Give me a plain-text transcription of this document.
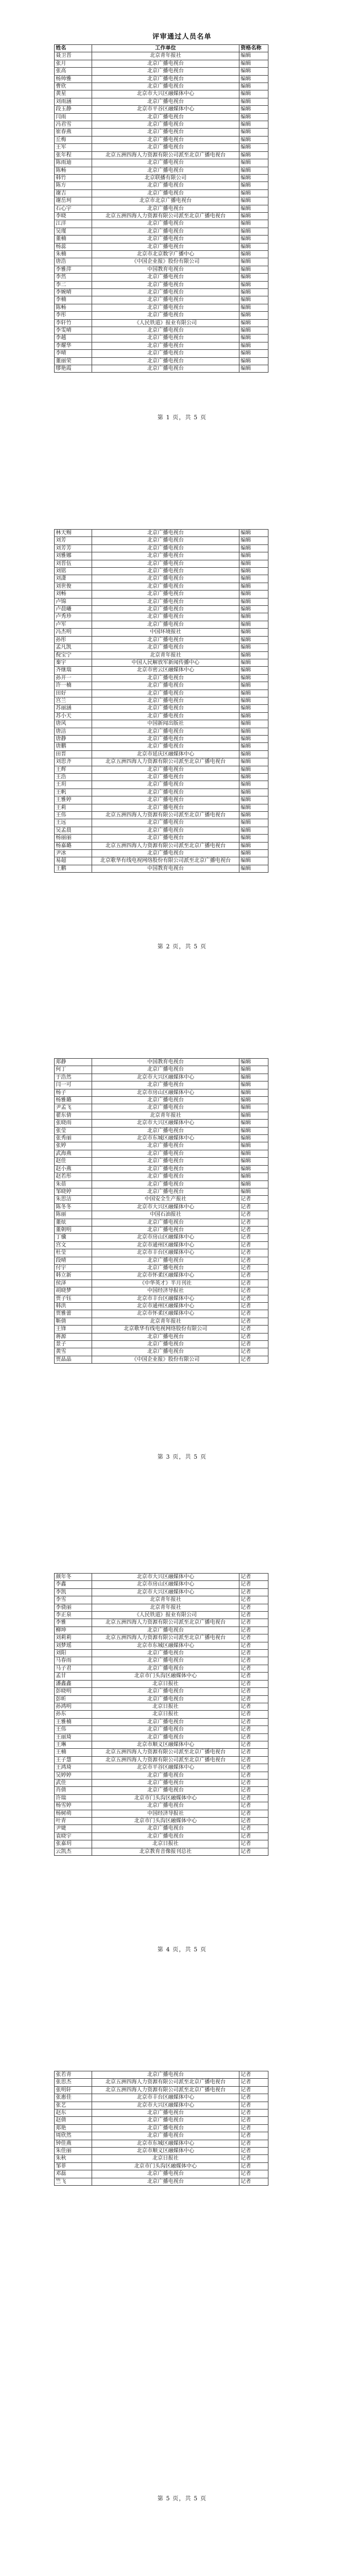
评审通过人员名单
姓名	工作单位	资格名称
聂卫晋	北京青年报社	编辑
张月	北京广播电视台	编辑
张高	北京广播电视台	编辑
杨帅雅	北京广播电视台	编辑
曹欣	北京广播电视台	编辑
黄星	北京市大兴区融媒体中心	编辑
刘雨涵	北京广播电视台	编辑
段玉静	北京市平谷区融媒体中心	编辑
闫雨	北京广播电视台	编辑
冯君雪	北京广播电视台	编辑
崔春燕	北京广播电视台	编辑
丘梅	北京广播电视台	编辑
王军	北京广播电视台	编辑
张年程	北京五洲四海人力资源有限公司派至北京广播电视台	编辑
陈雨迪	北京广播电视台	编辑
陈畅	北京广播电视台	编辑
韩竹	北京联播有限公司	编辑
陈方	北京广播电视台	编辑
谢吉	北京广播电视台	编辑
谢岳珂	北京市北京广播电视台	编辑
石心宇	北京广播电视台	编辑
李晓	北京五洲四海人力资源有限公司派至北京广播电视台	编辑
江洋	北京广播电视台	编辑
吴瑾	北京广播电视台	编辑
董楠	北京广播电视台	编辑
杨蕊	北京广播电视台	编辑
朱楠	北京市北京数字广播中心	编辑
唐浩	《中国企业报》股份有限公司	编辑
李雅萍	中国教育电视台	编辑
李然	北京广播电视台	编辑
李二	北京广播电视台	编辑
李婉晴	北京广播电视台	编辑
李楠	北京广播电视台	编辑
陈畅	北京广播电视台	编辑
李彤	北京广播电视台	编辑
李轩竹	《人民铁道》报业有限公司	编辑
李雯晴	北京广播电视台	编辑
李越	北京广播电视台	编辑
李耀华	北京广播电视台	编辑
李晴	北京广播电视台	编辑
董丽荣	北京广播电视台	编辑
缪艳霞	北京广播电视台	编辑
第 1 页，共 5 页
林天赐	北京广播电视台	编辑
刘芳	北京广播电视台	编辑
刘芳芳	北京广播电视台	编辑
刘雅娜	北京广播电视台	编辑
刘晋伍	北京广播电视台	编辑
刘铭	北京广播电视台	编辑
刘潇	北京广播电视台	编辑
刘世俊	北京广播电视台	编辑
刘畅	北京广播电视台	编辑
卢锦	北京广播电视台	编辑
卢晨曦	北京广播电视台	编辑
卢秀珍	北京广播电视台	编辑
卢军	北京广播电视台	编辑
冯杰明	中国环境报社	编辑
孙彤	北京广播电视台	编辑
孟凡凯	北京广播电视台	编辑
倪宝宁	北京青年报社	编辑
秦宇	中国人民解放军新闻传播中心	编辑
齐继瑞	北京市密云区融媒体中心	编辑
孙开一	北京广播电视台	编辑
许一楠	北京广播电视台	编辑
田好	北京广播电视台	编辑
宫兰	北京广播电视台	编辑
苏丽涵	北京广播电视台	编辑
苏小天	北京广播电视台	编辑
唐风	中国新闻出版社	编辑
唐洁	北京广播电视台	编辑
唐静	北京广播电视台	编辑
唐鹏	北京广播电视台	编辑
田晋	北京市延庆区融媒体中心	编辑
刘思齐	北京五洲四海人力资源有限公司派至北京广播电视台	编辑
王辉	北京广播电视台	编辑
王浩	北京广播电视台	编辑
王玥	北京广播电视台	编辑
王帆	北京广播电视台	编辑
王雅婷	北京广播电视台	编辑
王莉	北京广播电视台	编辑
王伟	北京五洲四海人力资源有限公司派至北京广播电视台	编辑
王远	北京广播电视台	编辑
吴孟晨	北京广播电视台	编辑
杨丽丽	北京广播电视台	编辑
杨嘉璐	北京五洲四海人力资源有限公司派至北京广播电视台	编辑
尹冰	北京广播电视台	编辑
易超	北京歌华有线电视网络股份有限公司派至北京广播电视台	编辑
王鹏	中国教育电视台	编辑
第 2 页，共 5 页
郑静	中国教育电视台	编辑
何丁	北京广播电视台	编辑
于浩然	北京市大兴区融媒体中心	编辑
闫一可	北京广播电视台	编辑
杨子	北京市房山区融媒体中心	编辑
杨雅璐	北京广播电视台	编辑
尹孟飞	北京广播电视台	编辑
翟东倩	北京青年报社	编辑
张晓雨	北京市大兴区融媒体中心	编辑
张莹	北京广播电视台	编辑
张秀丽	北京市东城区融媒体中心	编辑
张婷	北京广播电视台	编辑
武海燕	北京广播电视台	编辑
赵佳	北京广播电视台	编辑
赵小燕	北京广播电视台	编辑
赵若彤	北京广播电视台	编辑
朱蓓	北京广播电视台	编辑
邹晓婷	北京广播电视台	编辑
朱思洁	中国安全生产报社	记者
陈冬冬	北京市大兴区融媒体中心	记者
陈丽	中国石油报社	记者
董炫	北京广播电视台	记者
董朝明	北京广播电视台	记者
丁骥	北京市房山区融媒体中心	记者
宫文	北京市通州区融媒体中心	记者
杜莹	北京市丰台区融媒体中心	记者
段晴	北京广播电视台	记者
付宇	北京广播电视台	记者
韩立新	北京市怀柔区融媒体中心	记者
侯泽	《中华英才》半月刊社	记者
胡晓梦	中国经济导报社	记者
贾子钰	北京市丰台区融媒体中心	记者
韩洪	北京市通州区融媒体中心	记者
贾雅蕾	北京市怀柔区融媒体中心	记者
靳倩	北京青年报社	记者
王锋	北京歌华有线电视网络股份有限公司	记者
蒋源	北京广播电视台	记者
景子	北京广播电视台	记者
黄雪	北京广播电视台	记者
贾晶晶	《中国企业报》股份有限公司	记者
第 3 页，共 5 页
颜年冬	北京市大兴区融媒体中心	记者
李鑫	北京市房山区融媒体中心	记者
李凯	北京市大兴区融媒体中心	记者
李雪	北京青年报社	记者
李骁丽	北京青年报社	记者
李正泉	《人民铁道》报业有限公司	记者
李雅	北京五洲四海人力资源有限公司派至北京广播电视台	记者
柳坤	北京广播电视台	记者
刘莉莉	北京五洲四海人力资源有限公司派至北京广播电视台	记者
刘梦瑶	北京市东城区融媒体中心	记者
刘阳	北京广播电视台	记者
马春雨	北京广播电视台	记者
马子君	北京广播电视台	记者
孟甘	北京市门头沟区融媒体中心	记者
潘鑫鑫	北京日报社	记者
彭晓明	北京广播电视台	记者
彭昕	北京广播电视台	记者
孙鸿明	北京日报社	记者
孙东	北京日报社	记者
王雅楠	北京广播电视台	记者
王伟	北京广播电视台	记者
王丽琦	北京广播电视台	记者
王琳	北京市顺义区融媒体中心	记者
王楠	北京五洲四海人力资源有限公司派至北京广播电视台	记者
王子慧	北京五洲四海人力资源有限公司派至北京广播电视台	记者
王鸿琦	北京市平谷区融媒体中心	记者
吴婷婷	北京广播电视台	记者
武佳	北京广播电视台	记者
肖倩	北京广播电视台	记者
许瑞	北京市门头沟区融媒体中心	记者
杨雪婷	北京广播电视台	记者
杨树萌	中国经济导报社	记者
叶青	北京市门头沟区融媒体中心	记者
尹婕	北京广播电视台	记者
袁晓宇	北京广播电视台	记者
张嘉玥	北京日报社	记者
云凯杰	北京教育音像报刊总社	记者
第 4 页，共 5 页
张若青	北京广播电视台	记者
张思杰	北京五洲四海人力资源有限公司派至北京广播电视台	记者
张明轩	北京五洲四海人力资源有限公司派至北京广播电视台	记者
张惠佳	北京市丰台区融媒体中心	记者
张艺	北京市大兴区融媒体中心	记者
赵东	北京广播电视台	记者
赵倩	北京广播电视台	记者
郑艳	北京广播电视台	记者
周欣然	北京广播电视台	记者
钟佳燕	北京市东城区融媒体中心	记者
朱佳丽	北京市顺义区融媒体中心	记者
朱秋	北京日报社	记者
邹菲	北京市门头沟区融媒体中心	记者
邓磊	北京广播电视台	记者
竺飞	北京广播电视台	记者
第 5 页，共 5 页
